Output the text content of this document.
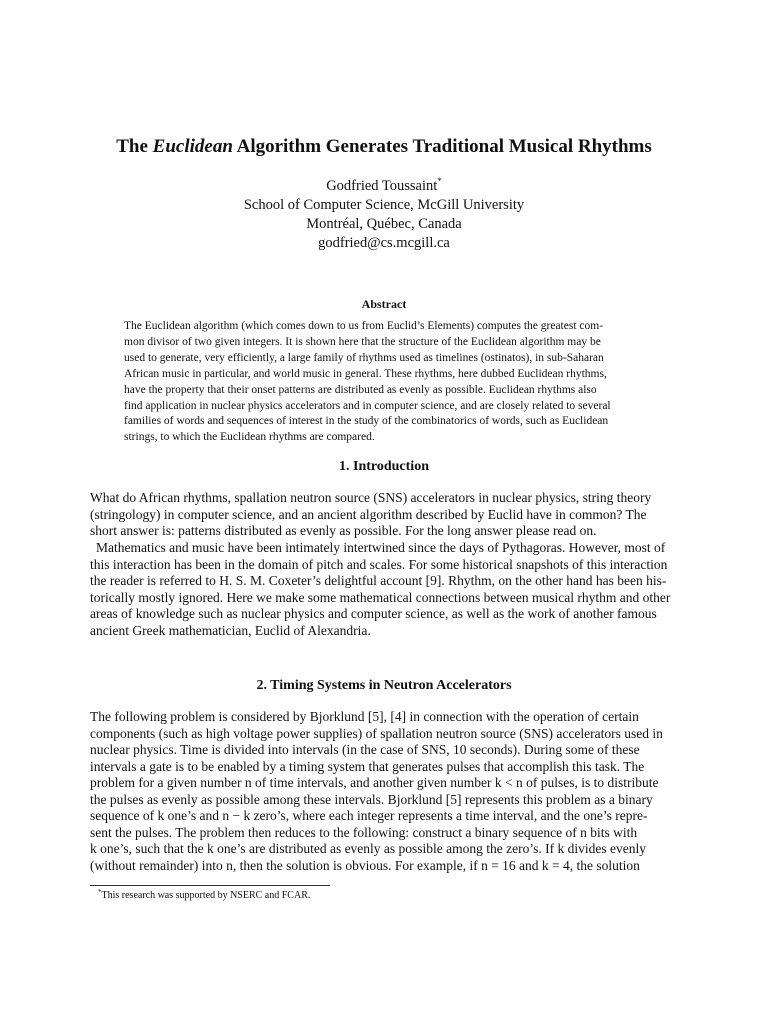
The Euclidean Algorithm Generates Traditional Musical Rhythms
Godfried Toussaint*
School of Computer Science, McGill University
Montréal, Québec, Canada
godfried@cs.mcgill.ca
Abstract
The Euclidean algorithm (which comes down to us from Euclid’s Elements) computes the greatest com-
mon divisor of two given integers. It is shown here that the structure of the Euclidean algorithm may be
used to generate, very efficiently, a large family of rhythms used as timelines (ostinatos), in sub-Saharan
African music in particular, and world music in general. These rhythms, here dubbed Euclidean rhythms,
have the property that their onset patterns are distributed as evenly as possible. Euclidean rhythms also
find application in nuclear physics accelerators and in computer science, and are closely related to several
families of words and sequences of interest in the study of the combinatorics of words, such as Euclidean
strings, to which the Euclidean rhythms are compared.
1. Introduction
What do African rhythms, spallation neutron source (SNS) accelerators in nuclear physics, string theory
(stringology) in computer science, and an ancient algorithm described by Euclid have in common? The
short answer is: patterns distributed as evenly as possible. For the long answer please read on.
Mathematics and music have been intimately intertwined since the days of Pythagoras. However, most of
this interaction has been in the domain of pitch and scales. For some historical snapshots of this interaction
the reader is referred to H. S. M. Coxeter’s delightful account [9]. Rhythm, on the other hand has been his-
torically mostly ignored. Here we make some mathematical connections between musical rhythm and other
areas of knowledge such as nuclear physics and computer science, as well as the work of another famous
ancient Greek mathematician, Euclid of Alexandria.
2. Timing Systems in Neutron Accelerators
The following problem is considered by Bjorklund [5], [4] in connection with the operation of certain
components (such as high voltage power supplies) of spallation neutron source (SNS) accelerators used in
nuclear physics. Time is divided into intervals (in the case of SNS, 10 seconds). During some of these
intervals a gate is to be enabled by a timing system that generates pulses that accomplish this task. The
problem for a given number n of time intervals, and another given number k < n of pulses, is to distribute
the pulses as evenly as possible among these intervals. Bjorklund [5] represents this problem as a binary
sequence of k one’s and n − k zero’s, where each integer represents a time interval, and the one’s repre-
sent the pulses. The problem then reduces to the following: construct a binary sequence of n bits with
k one’s, such that the k one’s are distributed as evenly as possible among the zero’s. If k divides evenly
(without remainder) into n, then the solution is obvious. For example, if n = 16 and k = 4, the solution
*This research was supported by NSERC and FCAR.
